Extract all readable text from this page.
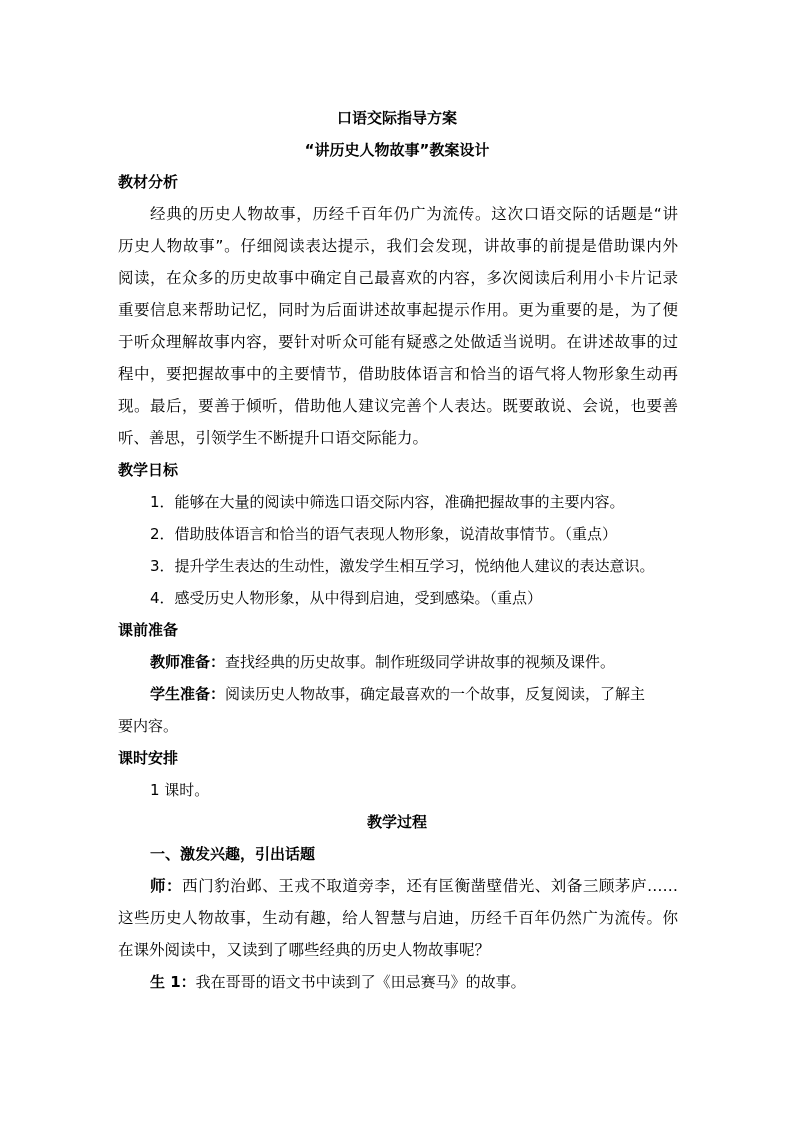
口语交际指导方案
“讲历史人物故事”教案设计
教材分析
经典的历史人物故事，历经千百年仍广为流传。这次口语交际的话题是“讲
历史人物故事”。仔细阅读表达提示，我们会发现，讲故事的前提是借助课内外
阅读，在众多的历史故事中确定自己最喜欢的内容，多次阅读后利用小卡片记录
重要信息来帮助记忆，同时为后面讲述故事起提示作用。更为重要的是，为了便
于听众理解故事内容，要针对听众可能有疑惑之处做适当说明。在讲述故事的过
程中，要把握故事中的主要情节，借助肢体语言和恰当的语气将人物形象生动再
现。最后，要善于倾听，借助他人建议完善个人表达。既要敢说、会说，也要善
听、善思，引领学生不断提升口语交际能力。
教学日标
1．能够在大量的阅读中筛选口语交际内容，准确把握故事的主要内容。
2．借助肢体语言和恰当的语气表现人物形象，说清故事情节。（重点）
3．提升学生表达的生动性，激发学生相互学习，悦纳他人建议的表达意识。
4．感受历史人物形象，从中得到启迪，受到感染。（重点）
课前准备
教师准备：查找经典的历史故事。制作班级同学讲故事的视频及课件。
学生准备：阅读历史人物故事，确定最喜欢的一个故事，反复阅读，了解主
要内容。
课时安排
1 课时。
教学过程
一、激发兴趣，引出话题
师：西门豹治邺、王戎不取道旁李，还有匡衡凿壁借光、刘备三顾茅庐……
这些历史人物故事，生动有趣，给人智慧与启迪，历经千百年仍然广为流传。你
在课外阅读中，又读到了哪些经典的历史人物故事呢？
生 1：我在哥哥的语文书中读到了《田忌赛马》的故事。
